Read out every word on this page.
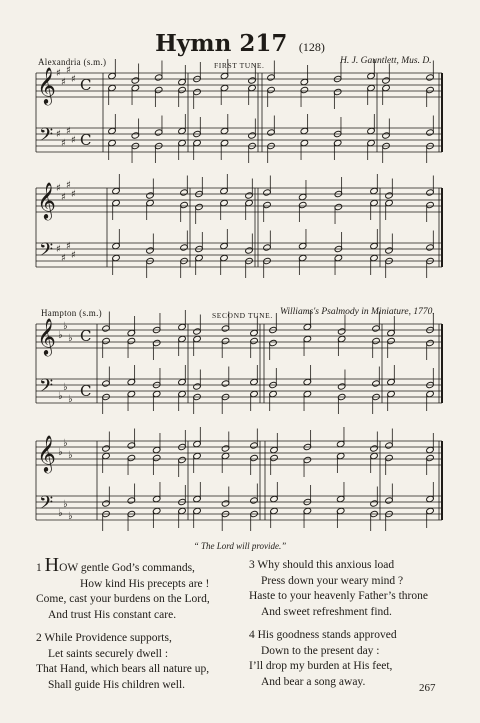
Hymn 217 (128)
Alexandria (s.m.)	FIRST TUNE.	H. J. Gauntlett, Mus. D.
Hampton (s.m.)	SECOND TUNE. Williams's Psalmody in Miniature, 1770.
𝄞
𝄢
♯
♯
♯
♯
♯
♯
♯
♯
C
C
𝄞
𝄢
♯
♯
♯
♯
♯
♯
♯
♯
𝄞
𝄢
♭
♭
♭
♭
♭
♭
C
C
𝄞
𝄢
♭
♭
♭
♭
♭
♭
“ The Lord will provide.”
1 HOW gentle God’s commands,
How kind His precepts are !
Come, cast your burdens on the Lord,
And trust His constant care.
2 While Providence supports,
Let saints securely dwell :
That Hand, which bears all nature up,
Shall guide His children well.
3 Why should this anxious load
Press down your weary mind ?
Haste to your heavenly Father’s throne
And sweet refreshment find.
4 His goodness stands approved
Down to the present day :
I’ll drop my burden at His feet,
And bear a song away.
267
